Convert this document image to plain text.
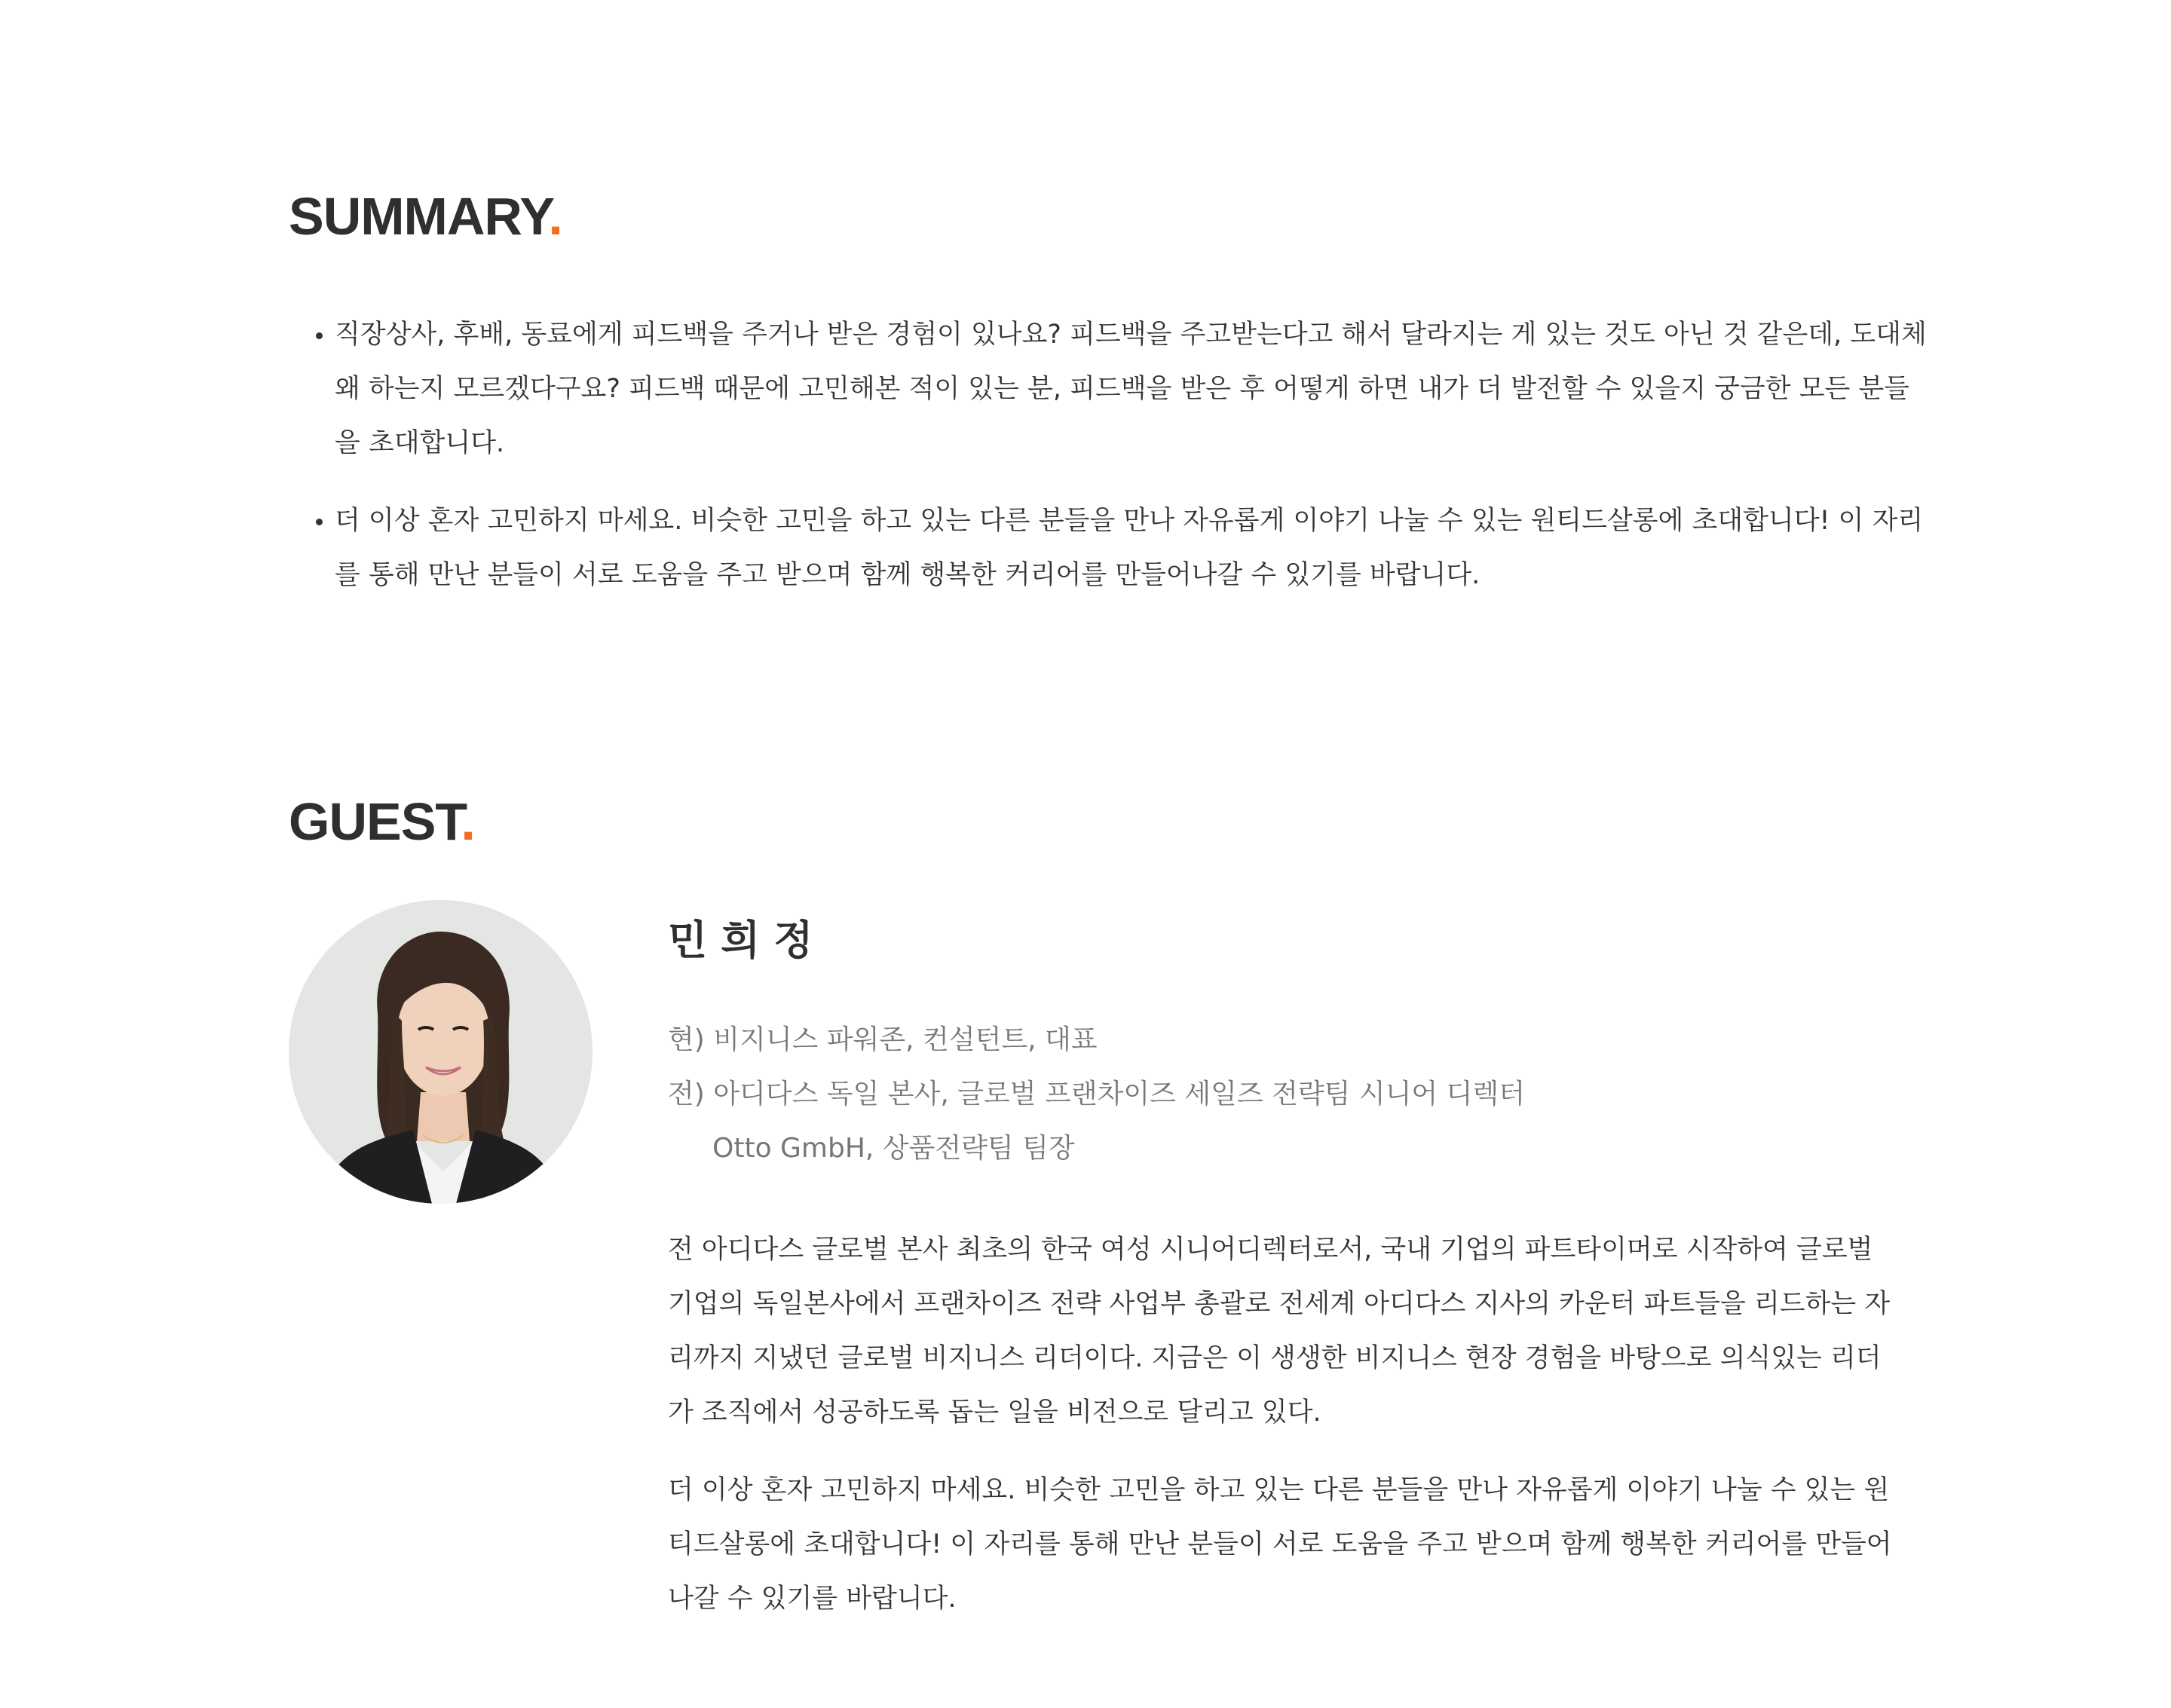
SUMMARY.
• 직장상사, 후배, 동료에게 피드백을 주거나 받은 경험이 있나요? 피드백을 주고받는다고 해서 달라지는 게 있는 것도 아닌 것 같은데, 도대체 왜 하는지 모르겠다구요? 피드백 때문에 고민해본 적이 있는 분, 피드백을 받은 후 어떻게 하면 내가 더 발전할 수 있을지 궁금한 모든 분들을 초대합니다.
• 더 이상 혼자 고민하지 마세요. 비슷한 고민을 하고 있는 다른 분들을 만나 자유롭게 이야기 나눌 수 있는 원티드살롱에 초대합니다! 이 자리를 통해 만난 분들이 서로 도움을 주고 받으며 함께 행복한 커리어를 만들어나갈 수 있기를 바랍니다.
GUEST.
민희정
현) 비지니스 파워존, 컨설턴트, 대표
전) 아디다스 독일 본사, 글로벌 프랜차이즈 세일즈 전략팀 시니어 디렉터
Otto GmbH, 상품전략팀 팀장

전 아디다스 글로벌 본사 최초의 한국 여성 시니어디렉터로서, 국내 기업의 파트타이머로 시작하여 글로벌 기업의 독일본사에서 프랜차이즈 전략 사업부 총괄로 전세계 아디다스 지사의 카운터 파트들을 리드하는 자리까지 지냈던 글로벌 비지니스 리더이다. 지금은 이 생생한 비지니스 현장 경험을 바탕으로 의식있는 리더가 조직에서 성공하도록 돕는 일을 비전으로 달리고 있다.

더 이상 혼자 고민하지 마세요. 비슷한 고민을 하고 있는 다른 분들을 만나 자유롭게 이야기 나눌 수 있는 원티드살롱에 초대합니다! 이 자리를 통해 만난 분들이 서로 도움을 주고 받으며 함께 행복한 커리어를 만들어나갈 수 있기를 바랍니다.
